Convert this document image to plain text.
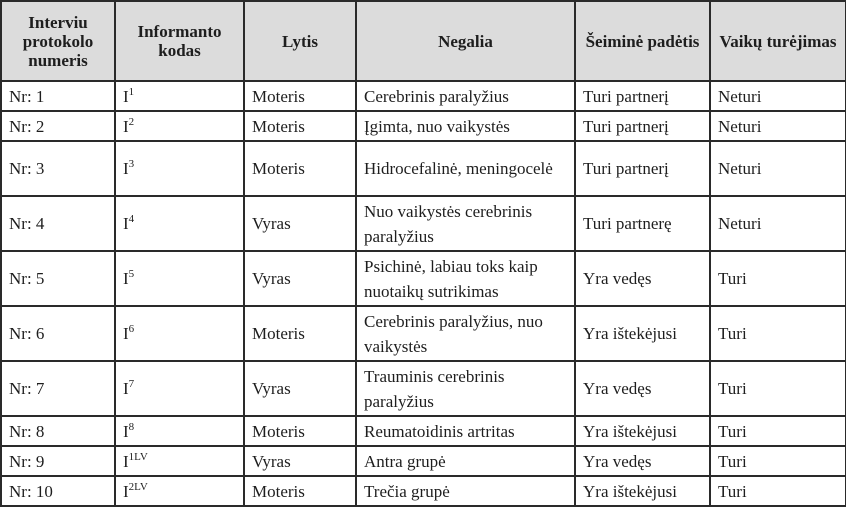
Interviu protokolo numeris	Informanto kodas	Lytis	Negalia	Šeiminė padėtis	Vaikų turėjimas
Nr: 1	$I^1$	Moteris	Cerebrinis paralyžius	Turi partnerį	Neturi
Nr: 2	$I^2$	Moteris	Įgimta, nuo vaikystės	Turi partnerį	Neturi
Nr: 3	$I^3$	Moteris	Hidrocefalinė, meningocelė	Turi partnerį	Neturi
Nr: 4	$I^4$	Vyras	Nuo vaikystės cerebrinis paralyžius	Turi partnerę	Neturi
Nr: 5	$I^5$	Vyras	Psichinė, labiau toks kaip nuotaikų sutrikimas	Yra vedęs	Turi
Nr: 6	$I^6$	Moteris	Cerebrinis paralyžius, nuo vaikystės	Yra ištekėjusi	Turi
Nr: 7	$I^7$	Vyras	Trauminis cerebrinis paralyžius	Yra vedęs	Turi
Nr: 8	$I^8$	Moteris	Reumatoidinis artritas	Yra ištekėjusi	Turi
Nr: 9	$I^{1LV}$	Vyras	Antra grupė	Yra vedęs	Turi
Nr: 10	$I^{2LV}$	Moteris	Trečia grupė	Yra ištekėjusi	Turi
